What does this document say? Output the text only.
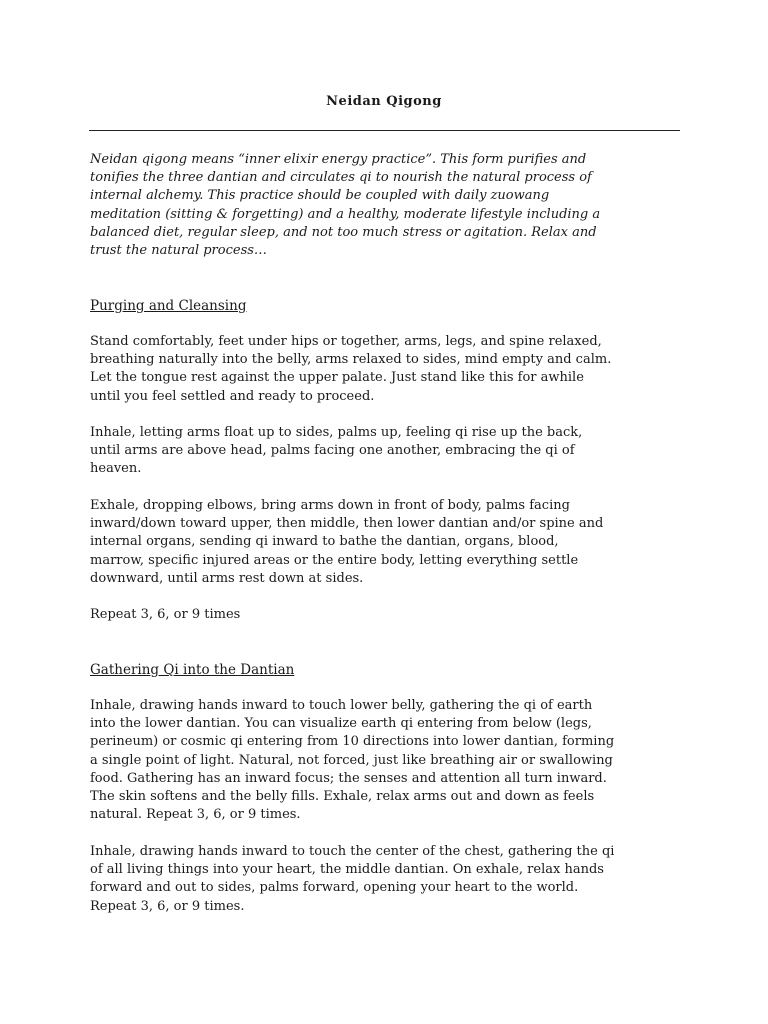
Neidan Qigong

Neidan qigong means “inner elixir energy practice”. This form purifies and
tonifies the three dantian and circulates qi to nourish the natural process of
internal alchemy. This practice should be coupled with daily zuowang
meditation (sitting & forgetting) and a healthy, moderate lifestyle including a
balanced diet, regular sleep, and not too much stress or agitation. Relax and
trust the natural process…

Purging and Cleansing

Stand comfortably, feet under hips or together, arms, legs, and spine relaxed,
breathing naturally into the belly, arms relaxed to sides, mind empty and calm.
Let the tongue rest against the upper palate. Just stand like this for awhile
until you feel settled and ready to proceed.

Inhale, letting arms float up to sides, palms up, feeling qi rise up the back,
until arms are above head, palms facing one another, embracing the qi of
heaven.

Exhale, dropping elbows, bring arms down in front of body, palms facing
inward/down toward upper, then middle, then lower dantian and/or spine and
internal organs, sending qi inward to bathe the dantian, organs, blood,
marrow, specific injured areas or the entire body, letting everything settle
downward, until arms rest down at sides.

Repeat 3, 6, or 9 times

Gathering Qi into the Dantian

Inhale, drawing hands inward to touch lower belly, gathering the qi of earth
into the lower dantian. You can visualize earth qi entering from below (legs,
perineum) or cosmic qi entering from 10 directions into lower dantian, forming
a single point of light. Natural, not forced, just like breathing air or swallowing
food. Gathering has an inward focus; the senses and attention all turn inward.
The skin softens and the belly fills. Exhale, relax arms out and down as feels
natural. Repeat 3, 6, or 9 times.

Inhale, drawing hands inward to touch the center of the chest, gathering the qi
of all living things into your heart, the middle dantian. On exhale, relax hands
forward and out to sides, palms forward, opening your heart to the world.
Repeat 3, 6, or 9 times.
